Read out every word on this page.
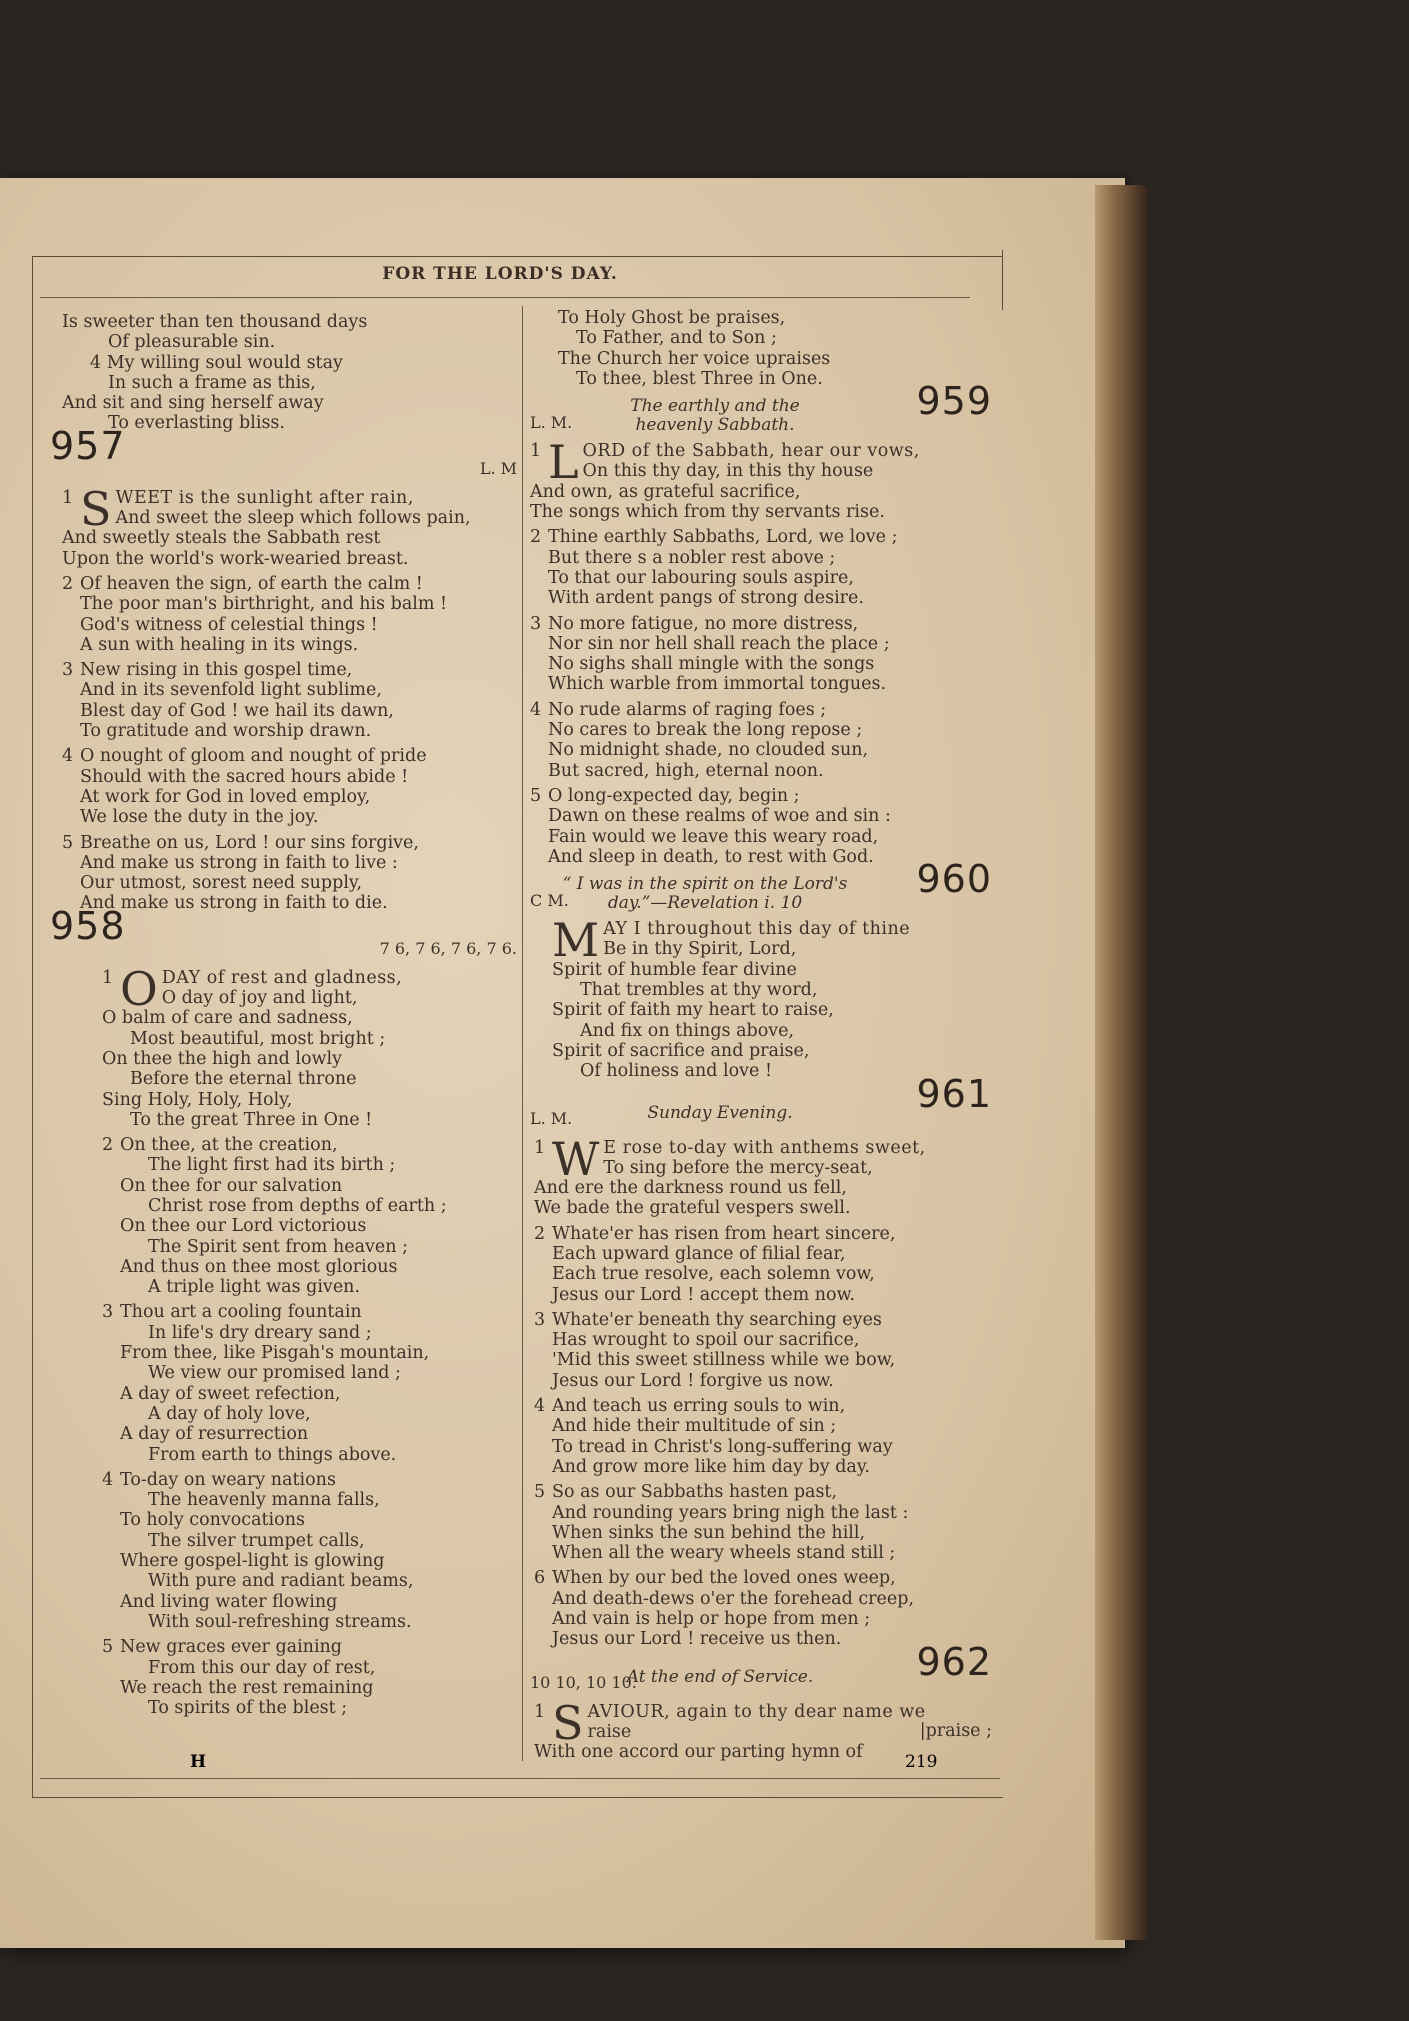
FOR THE LORD'S DAY.
Is sweeter than ten thousand days
Of pleasurable sin.
4 My willing soul would stay
In such a frame as this,
And sit and sing herself away
To everlasting bliss.
957
L. M
1 S WEET is the sunlight after rain,
And sweet the sleep which follows pain,
And sweetly steals the Sabbath rest
Upon the world's work-wearied breast.
2 Of heaven the sign, of earth the calm !
The poor man's birthright, and his balm !
God's witness of celestial things !
A sun with healing in its wings.
3 New rising in this gospel time,
And in its sevenfold light sublime,
Blest day of God ! we hail its dawn,
To gratitude and worship drawn.
4 O nought of gloom and nought of pride
Should with the sacred hours abide !
At work for God in loved employ,
We lose the duty in the joy.
5 Breathe on us, Lord ! our sins forgive,
And make us strong in faith to live :
Our utmost, sorest need supply,
And make us strong in faith to die.
958
7 6, 7 6, 7 6, 7 6.
1 O DAY of rest and gladness,
O day of joy and light,
O balm of care and sadness,
Most beautiful, most bright ;
On thee the high and lowly
Before the eternal throne
Sing Holy, Holy, Holy,
To the great Three in One !
2 On thee, at the creation,
The light first had its birth ;
On thee for our salvation
Christ rose from depths of earth ;
On thee our Lord victorious
The Spirit sent from heaven ;
And thus on thee most glorious
A triple light was given.
3 Thou art a cooling fountain
In life's dry dreary sand ;
From thee, like Pisgah's mountain,
We view our promised land ;
A day of sweet refection,
A day of holy love,
A day of resurrection
From earth to things above.
4 To-day on weary nations
The heavenly manna falls,
To holy convocations
The silver trumpet calls,
Where gospel-light is glowing
With pure and radiant beams,
And living water flowing
With soul-refreshing streams.
5 New graces ever gaining
From this our day of rest,
We reach the rest remaining
To spirits of the blest ;
To Holy Ghost be praises,
To Father, and to Son ;
The Church her voice upraises
To thee, blest Three in One.
959
L. M.
The earthly and the
heavenly Sabbath.
1 L ORD of the Sabbath, hear our vows,
On this thy day, in this thy house
And own, as grateful sacrifice,
The songs which from thy servants rise.
2 Thine earthly Sabbaths, Lord, we love ;
But there s a nobler rest above ;
To that our labouring souls aspire,
With ardent pangs of strong desire.
3 No more fatigue, no more distress,
Nor sin nor hell shall reach the place ;
No sighs shall mingle with the songs
Which warble from immortal tongues.
4 No rude alarms of raging foes ;
No cares to break the long repose ;
No midnight shade, no clouded sun,
But sacred, high, eternal noon.
5 O long-expected day, begin ;
Dawn on these realms of woe and sin :
Fain would we leave this weary road,
And sleep in death, to rest with God.
960
C M.
“ I was in the spirit on the Lord's
day.”—Revelation i. 10
M AY I throughout this day of thine
Be in thy Spirit, Lord,
Spirit of humble fear divine
That trembles at thy word,
Spirit of faith my heart to raise,
And fix on things above,
Spirit of sacrifice and praise,
Of holiness and love !
961
L. M.	Sunday Evening.
1 W E rose to-day with anthems sweet,
To sing before the mercy-seat,
And ere the darkness round us fell,
We bade the grateful vespers swell.
2 Whate'er has risen from heart sincere,
Each upward glance of filial fear,
Each true resolve, each solemn vow,
Jesus our Lord ! accept them now.
3 Whate'er beneath thy searching eyes
Has wrought to spoil our sacrifice,
'Mid this sweet stillness while we bow,
Jesus our Lord ! forgive us now.
4 And teach us erring souls to win,
And hide their multitude of sin ;
To tread in Christ's long-suffering way
And grow more like him day by day.
5 So as our Sabbaths hasten past,
And rounding years bring nigh the last :
When sinks the sun behind the hill,
When all the weary wheels stand still ;
6 When by our bed the loved ones weep,
And death-dews o'er the forehead creep,
And vain is help or hope from men ;
Jesus our Lord ! receive us then.
962
10 10, 10 10.
At the end of Service.
1 S AVIOUR, again to thy dear name we
raise
With one accord our parting hymn of
|praise ;
H	219
